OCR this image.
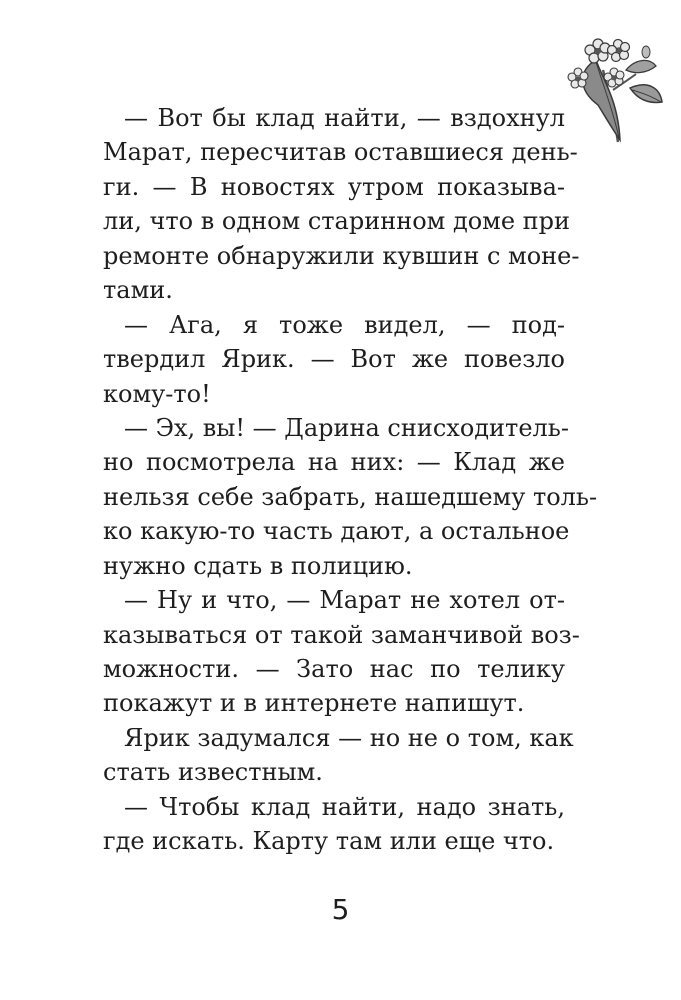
— Вот бы клад найти, — вздохнул
Марат, пересчитав оставшиеся день-
ги. — В новостях утром показыва-
ли, что в одном старинном доме при
ремонте обнаружили кувшин с моне-
тами.
— Ага, я тоже видел, — под-
твердил Ярик. — Вот же повезло
кому-то!
— Эх, вы! — Дарина снисходитель-
но посмотрела на них: — Клад же
нельзя себе забрать, нашедшему толь-
ко какую-то часть дают, а остальное
нужно сдать в полицию.
— Ну и что, — Марат не хотел от-
казываться от такой заманчивой воз-
можности. — Зато нас по телику
покажут и в интернете напишут.
Ярик задумался — но не о том, как
стать известным.
— Чтобы клад найти, надо знать,
где искать. Карту там или еще что.
5
